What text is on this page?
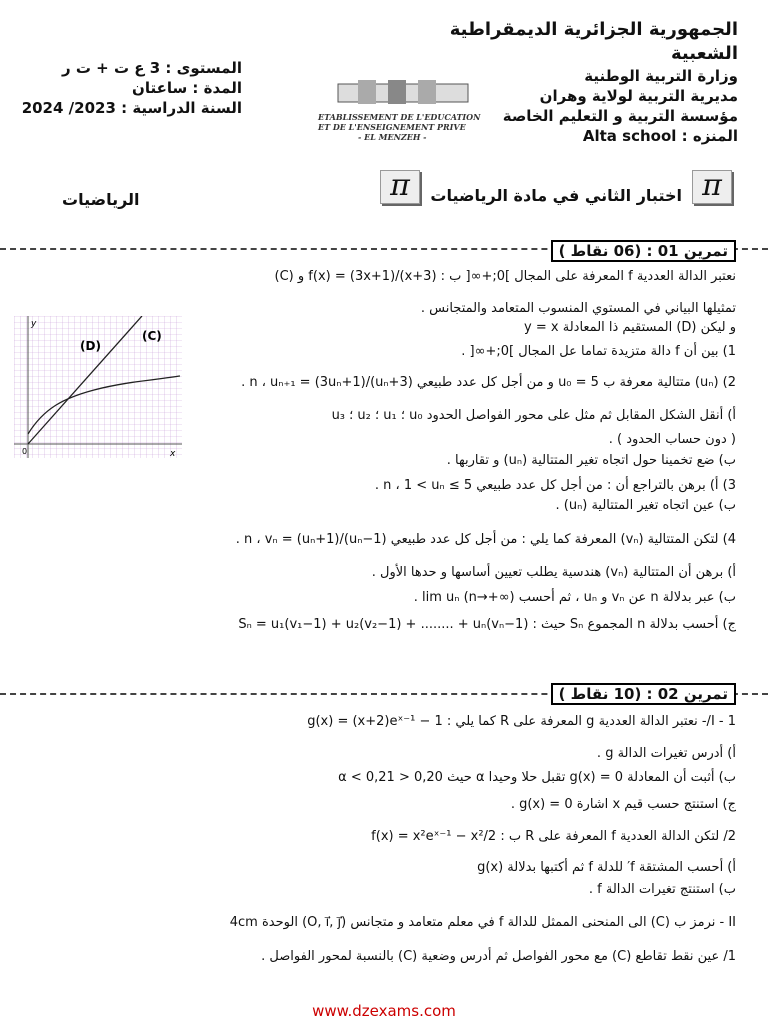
الجمهورية الجزائرية الديمقراطية الشعبية
وزارة التربية الوطنية
مديرية التربية لولاية وهران
مؤسسة التربية و التعليم الخاصة
المنزه : Alta school
المستوى : 3 ع ت + ت ر
المدة : ساعتان
السنة الدراسية : 2023/ 2024	ETABLISSEMENT DE L'EDUCATION
ET DE L'ENSEIGNEMENT PRIVE
- EL MENZEH -
π
اختبار الثاني في مادة الرياضيات
π
الرياضيات
تمرين 01 : (06 نقاط )
نعتبر الدالة العددية f المعرفة على المجال ]0;+∞[ ب : f(x) = (3x+1)/(x+3) و (C)
تمثيلها البياني في المستوي المنسوب المتعامد والمتجانس .
و ليكن (D) المستقيم ذا المعادلة y = x
1) بين أن f دالة متزيدة تماما عل المجال ]0;+∞[ .
2) (uₙ) متتالية معرفة ب u₀ = 5 و من أجل كل عدد طبيعي n ، uₙ₊₁ = (3uₙ+1)/(uₙ+3) .
أ) أنقل الشكل المقابل ثم مثل على محور الفواصل الحدود u₀ ؛ u₁ ؛ u₂ ؛ u₃
( دون حساب الحدود ) .
ب) ضع تخمينا حول اتجاه تغير المتتالية (uₙ) و تقاربها .
3) أ) برهن بالتراجع أن : من أجل كل عدد طبيعي n ، 1 < uₙ ≤ 5 .
ب) عين اتجاه تغير المتتالية (uₙ) .
4) لتكن المتتالية (vₙ) المعرفة كما يلي : من أجل كل عدد طبيعي n ، vₙ = (uₙ+1)/(uₙ−1) .
أ) برهن أن المتتالية (vₙ) هندسية يطلب تعيين أساسها و حدها الأول .
ب) عبر بدلالة n عن vₙ و uₙ ، ثم أحسب lim uₙ (n→+∞) .
ج) أحسب بدلالة n المجموع Sₙ حيث : Sₙ = u₁(v₁−1) + u₂(v₂−1) + ........ + uₙ(vₙ−1)
(C)
(D)
x
y
0
تمرين 02 : (10 نقاط )
I - 1/- نعتبر الدالة العددية g المعرفة على R كما يلي : g(x) = (x+2)eˣ⁻¹ − 1
أ) أدرس تغيرات الدالة g .
ب) أثبت أن المعادلة g(x) = 0 تقبل حلا وحيدا α حيث 0,20 < α < 0,21
ج) استنتج حسب قيم x اشارة g(x) = 0 .
2/ لتكن الدالة العددية f المعرفة على R ب : f(x) = x²eˣ⁻¹ − x²/2
أ) أحسب المشتقة f′ للدلة f ثم أكتبها بدلالة g(x)
ب) استنتج تغيرات الدالة f .
II - نرمز ب (C) الى المنحنى الممثل للدالة f في معلم متعامد و متجانس (O, i⃗, j⃗) الوحدة 4cm
1/ عين نقط تقاطع (C) مع محور الفواصل ثم أدرس وضعية (C) بالنسبة لمحور الفواصل .
www.dzexams.com
